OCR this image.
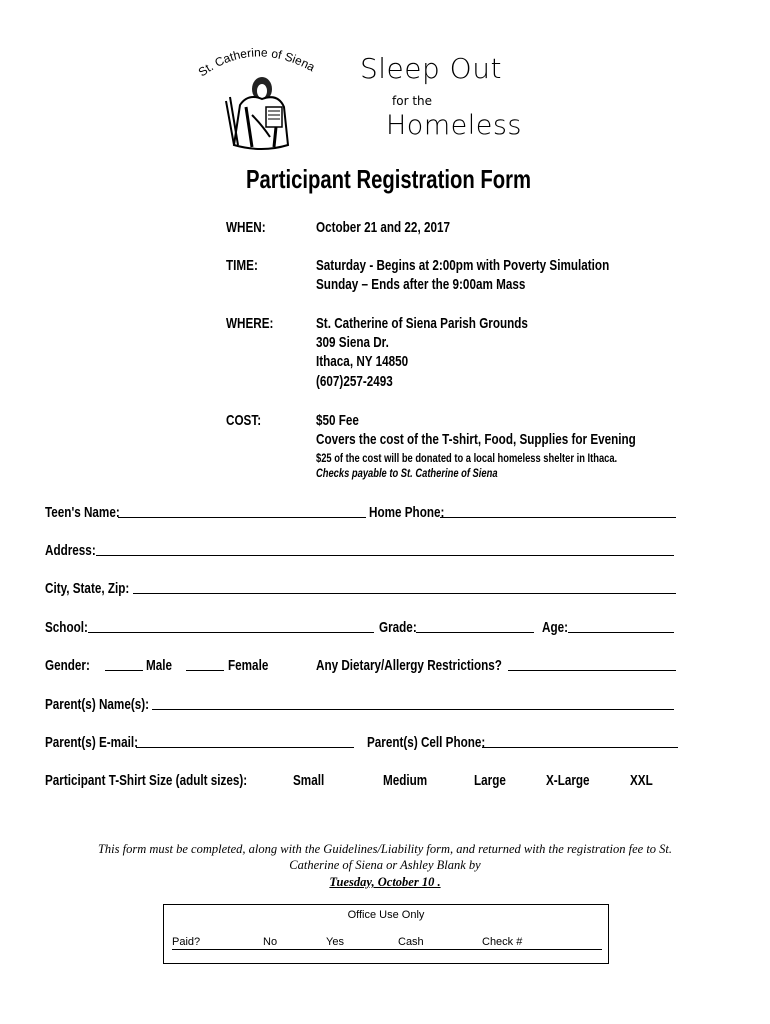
St. Catherine of Siena Sleep Out
for the
Homeless
Participant Registration Form
WHEN:	October 21 and 22, 2017
TIME:	Saturday - Begins at 2:00pm with Poverty Simulation
Sunday – Ends after the 9:00am Mass
WHERE:	St. Catherine of Siena Parish Grounds
309 Siena Dr.
Ithaca, NY 14850
(607)257-2493
COST:	$50 Fee
Covers the cost of the T-shirt, Food, Supplies for Evening
$25 of the cost will be donated to a local homeless shelter in Ithaca.
Checks payable to St. Catherine of Siena
Teen's Name:	Home Phone:
Address:
City, State, Zip:
School:	Grade:	Age:
Gender:	Male	Female	Any Dietary/Allergy Restrictions?
Parent(s) Name(s):
Parent(s) E-mail:	Parent(s) Cell Phone:
Participant T-Shirt Size (adult sizes):	Small	Medium	Large	X-Large	XXL
This form must be completed, along with the Guidelines/Liability form, and returned with the registration fee to St.
Catherine of Siena or Ashley Blank by
Tuesday, October 10 .
Office Use Only
Paid?	No	Yes	Cash	Check #
